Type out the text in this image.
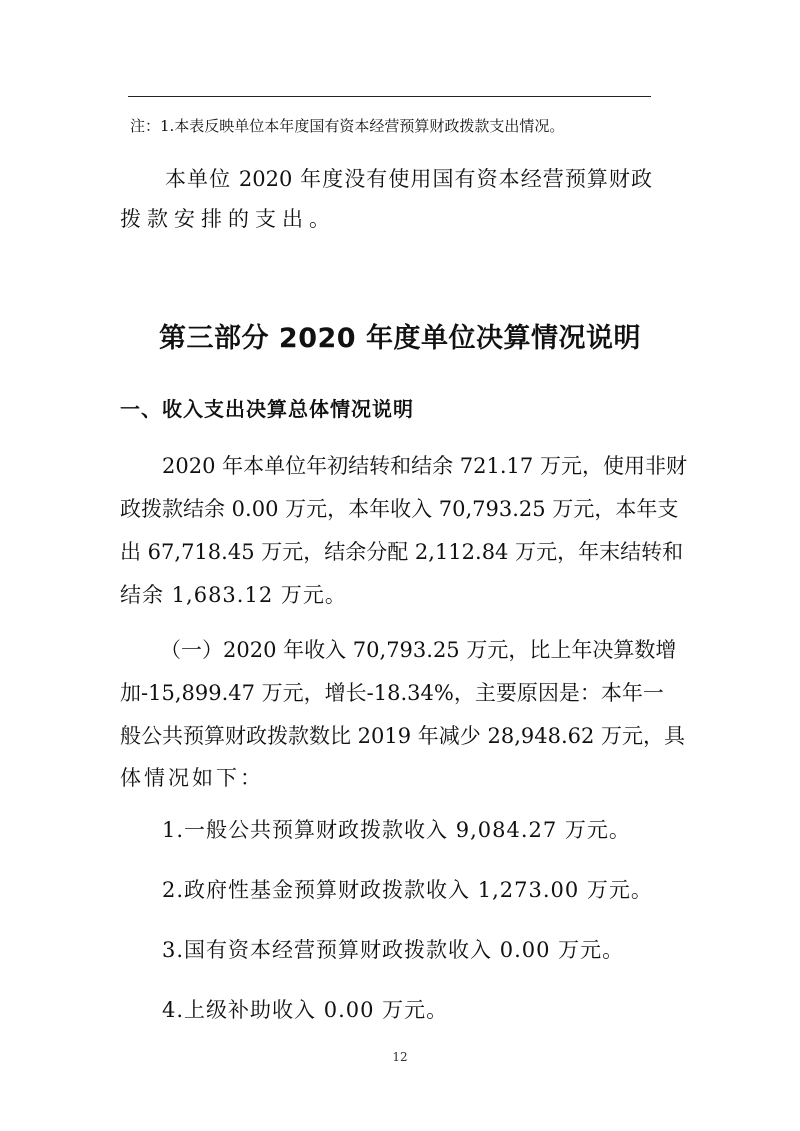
注：1.本表反映单位本年度国有资本经营预算财政拨款支出情况。
本单位 2020 年度没有使用国有资本经营预算财政
拨款安排的支出。
第三部分 2020 年度单位决算情况说明
一、收入支出决算总体情况说明
2020 年本单位年初结转和结余 721.17 万元，使用非财
政拨款结余 0.00 万元，本年收入 70,793.25 万元，本年支
出 67,718.45 万元，结余分配 2,112.84 万元，年末结转和
结余 1,683.12 万元。
（一）2020 年收入 70,793.25 万元，比上年决算数增
加-15,899.47 万元，增长-18.34%，主要原因是：本年一
般公共预算财政拨款数比 2019 年减少 28,948.62 万元，具
体情况如下：
1.一般公共预算财政拨款收入 9,084.27 万元。
2.政府性基金预算财政拨款收入 1,273.00 万元。
3.国有资本经营预算财政拨款收入 0.00 万元。
4.上级补助收入 0.00 万元。
12
